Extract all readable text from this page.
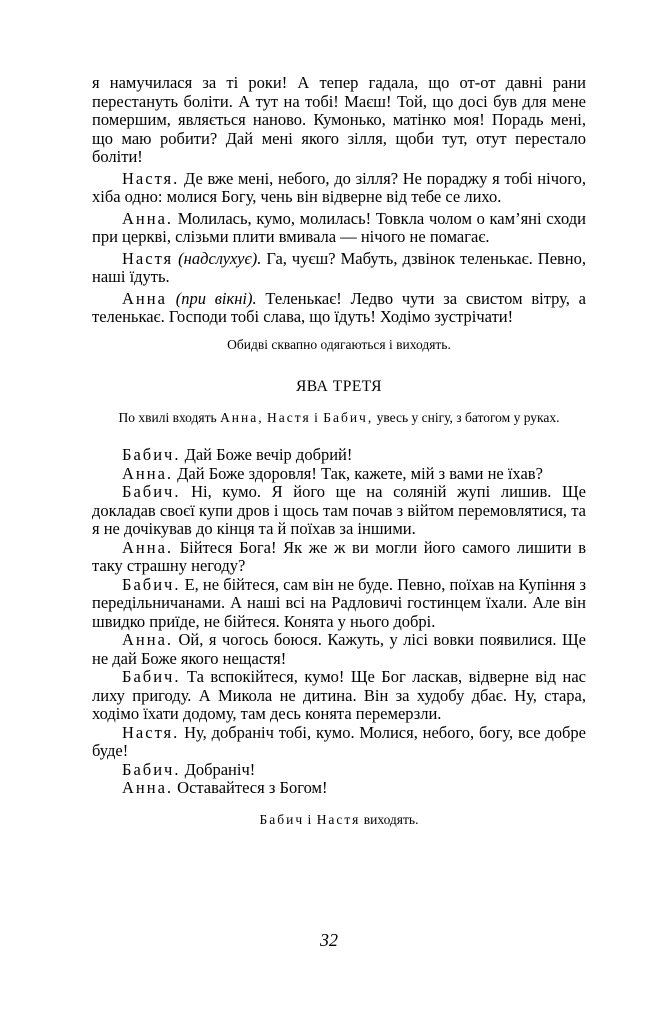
я намучилася за ті роки! А тепер гадала, що от-от давні рани перестануть боліти. А тут на тобі! Маєш! Той, що досі був для мене помершим, являється наново. Кумонько, матінко моя! Порадь мені, що маю робити? Дай мені якого зілля, щоби тут, отут перестало боліти!

Настя. Де вже мені, небого, до зілля? Не пораджу я тобі нічого, хіба одно: молися Богу, чень він відверне від тебе се лихо.

Анна. Молилась, кумо, молилась! Товкла чолом о кам’яні сходи при церкві, слізьми плити вмивала — нічого не помагає.

Настя (надслухує). Га, чуєш? Мабуть, дзвінок теленькає. Певно, наші їдуть.

Анна (при вікні). Теленькає! Ледво чути за свистом вітру, а теленькає. Господи тобі слава, що їдуть! Ходімо зустрічати!

Обидві сквапно одягаються і виходять.

ЯВА ТРЕТЯ

По хвилі входять Анна, Настя і Бабич, увесь у снігу, з батогом у руках.

Бабич. Дай Боже вечір добрий!

Анна. Дай Боже здоровля! Так, кажете, мій з вами не їхав?

Бабич. Ні, кумо. Я його ще на соляній жупі лишив. Ще докладав своєї купи дров і щось там почав з війтом перемовлятися, та я не дочікував до кінця та й поїхав за іншими.

Анна. Бійтеся Бога! Як же ж ви могли його самого лишити в таку страшну негоду?

Бабич. Е, не бійтеся, сам він не буде. Певно, поїхав на Купіння з передільничанами. А наші всі на Радловичі гостинцем їхали. Але він швидко приїде, не бійтеся. Конята у нього добрі.

Анна. Ой, я чогось боюся. Кажуть, у лісі вовки появилися. Ще не дай Боже якого нещастя!

Бабич. Та вспокійтеся, кумо! Ще Бог ласкав, відверне від нас лиху пригоду. А Микола не дитина. Він за худобу дбає. Ну, стара, ходімо їхати додому, там десь конята перемерзли.

Настя. Ну, добраніч тобі, кумо. Молися, небого, богу, все добре буде!

Бабич. Добраніч!

Анна. Оставайтеся з Богом!

Бабич і Настя виходять.

32
